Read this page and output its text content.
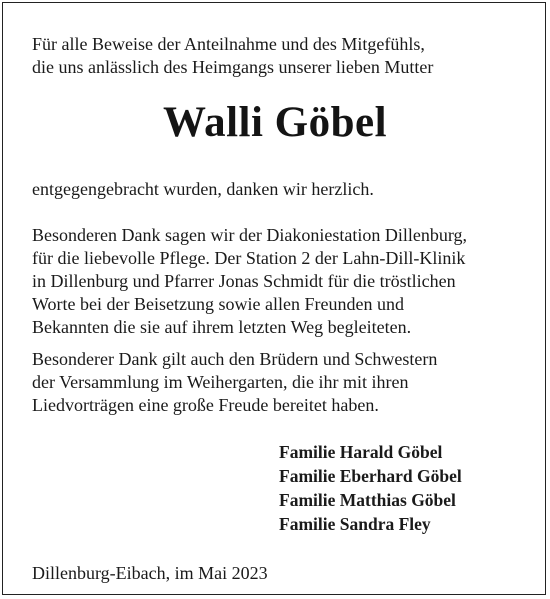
Für alle Beweise der Anteilnahme und des Mitgefühls,
die uns anlässlich des Heimgangs unserer lieben Mutter
Walli Göbel
entgegengebracht wurden, danken wir herzlich.
Besonderen Dank sagen wir der Diakoniestation Dillenburg,
für die liebevolle Pflege. Der Station 2 der Lahn-Dill-Klinik
in Dillenburg und Pfarrer Jonas Schmidt für die tröstlichen
Worte bei der Beisetzung sowie allen Freunden und
Bekannten die sie auf ihrem letzten Weg begleiteten.
Besonderer Dank gilt auch den Brüdern und Schwestern
der Versammlung im Weihergarten, die ihr mit ihren
Liedvorträgen eine große Freude bereitet haben.
Familie Harald Göbel
Familie Eberhard Göbel
Familie Matthias Göbel
Familie Sandra Fley
Dillenburg-Eibach, im Mai 2023
